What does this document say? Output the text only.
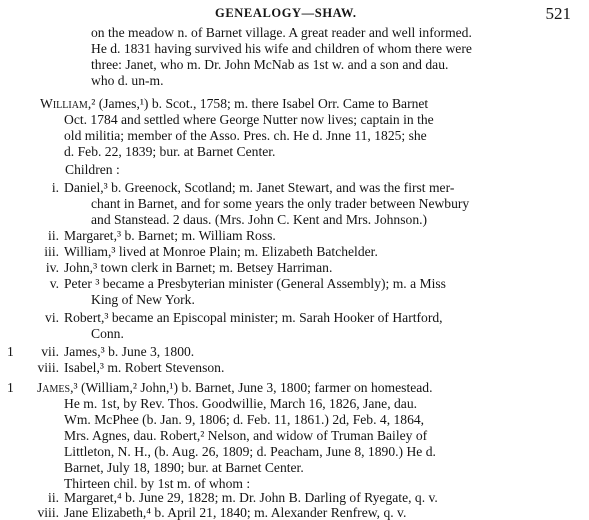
GENEALOGY—SHAW.	521
on the meadow n. of Barnet village. A great reader and well informed.
He d. 1831 having survived his wife and children of whom there were
three: Janet, who m. Dr. John McNab as 1st w. and a son and dau.
who d. un-m.
William,² (James,¹) b. Scot., 1758; m. there Isabel Orr. Came to Barnet
Oct. 1784 and settled where George Nutter now lives; captain in the
old militia; member of the Asso. Pres. ch. He d. Jnne 11, 1825; she
d. Feb. 22, 1839; bur. at Barnet Center.
Children :
i. Daniel,³ b. Greenock, Scotland; m. Janet Stewart, and was the first mer-
chant in Barnet, and for some years the only trader between Newbury
and Stanstead. 2 daus. (Mrs. John C. Kent and Mrs. Johnson.)
ii. Margaret,³ b. Barnet; m. William Ross.
iii. William,³ lived at Monroe Plain; m. Elizabeth Batchelder.
iv. John,³ town clerk in Barnet; m. Betsey Harriman.
v. Peter ³ became a Presbyterian minister (General Assembly); m. a Miss
King of New York.
vi. Robert,³ became an Episcopal minister; m. Sarah Hooker of Hartford,
Conn.
1 vii. James,³ b. June 3, 1800.
viii. Isabel,³ m. Robert Stevenson.
1 James,³ (William,² John,¹) b. Barnet, June 3, 1800; farmer on homestead.
He m. 1st, by Rev. Thos. Goodwillie, March 16, 1826, Jane, dau.
Wm. McPhee (b. Jan. 9, 1806; d. Feb. 11, 1861.) 2d, Feb. 4, 1864,
Mrs. Agnes, dau. Robert,² Nelson, and widow of Truman Bailey of
Littleton, N. H., (b. Aug. 26, 1809; d. Peacham, June 8, 1890.) He d.
Barnet, July 18, 1890; bur. at Barnet Center.
Thirteen chil. by 1st m. of whom :
ii. Margaret,⁴ b. June 29, 1828; m. Dr. John B. Darling of Ryegate, q. v.
viii. Jane Elizabeth,⁴ b. April 21, 1840; m. Alexander Renfrew, q. v.
